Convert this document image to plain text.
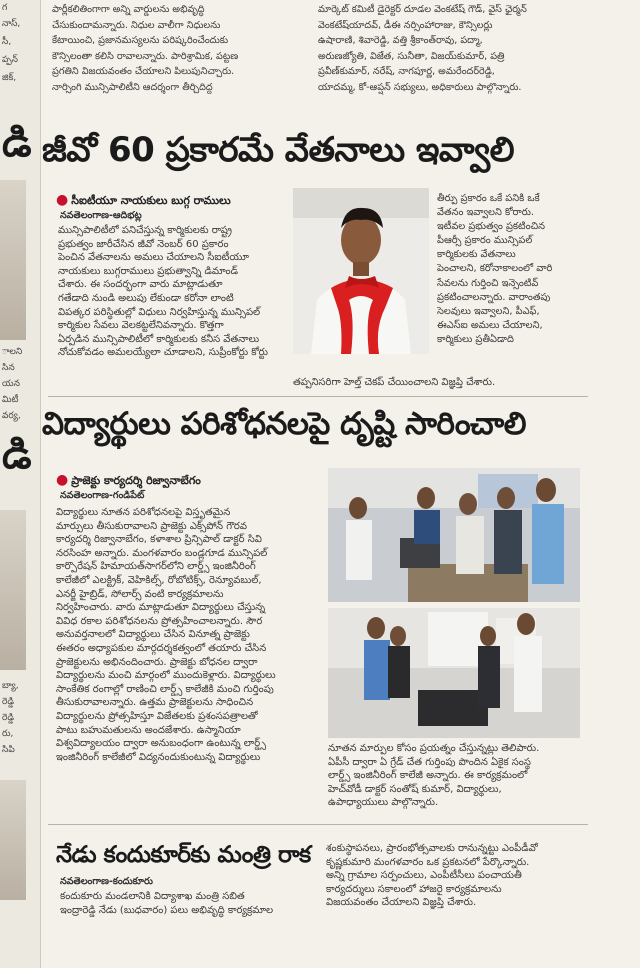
గ
నాస్,
సీ,
ప్పన్
జిక్,
డి
ాలని
సిన
యన
మిటీ
వర్య,
డి
బ్యా,
రెడ్డి
రెడ్డి
రు,
సిపి

పార్లీకలితింగాగా అన్ని వార్డులను అభివృద్ధి

చేసుకుందామన్నారు. నిధుల వాలీగా నిధులను

కేటాయించి, ప్రజానమస్యలను పరిష్కరించేందుకు

కౌన్సిలంతా కలిసి రావాలన్నారు. పారిశ్రామిక, పట్టణ

ప్రగతిని విజయవంతం చేయాలని పిలుపునిచ్చారు.

నార్సింగి మున్సిపాలిటీని ఆదర్శంగా తీర్చిదిద్ద

మార్కెట్ కమిటీ డైరెక్టర్ దూడల వెంకటేష్ గౌడ్, వైస్ ఛైర్మన్

వెంకటేష్‌యాదవ్, డీఈ నర్సింహారాజు, కౌన్సిలర్లు

ఉషారాణి, శివారెడ్డి, వత్తి శ్రీకాంత్‌రావు, పద్మా,

అరుణజ్యోతి, విజేత, సునీతా, విజయ్‌కుమార్, పత్రి

ప్రవీణ్‌కుమార్, నరేష్, నాగపూర్ణ, అమరేందర్‌రెడ్డి,

యాదమ్మ, కో-ఆప్షన్ సభ్యులు, అధికారులు పాల్గొన్నారు.

జీవో 60 ప్రకారమే వేతనాలు ఇవ్వాలి
● సీఐటీయూ నాయకులు బుగ్గ రాములు
నవతెలంగాణ-ఆదిభట్ల

మున్సిపాలిటీలో పనిచేస్తున్న కార్మికులకు రాష్ట్ర

ప్రభుత్వం జారీచేసిన జీవో నెంబర్ 60 ప్రకారం

పెంచిన వేతనాలను అమలు చేయాలని సీఐటీయూ

నాయకులు బుగ్గరాములు ప్రభుత్వాన్ని డిమాండ్

చేశారు. ఈ సందర్భంగా వారు మాట్లాడుతూ

గతేడాది నుండి అలుపు లేకుండా కరోనా లాంటి

విపత్కర పరిస్థితుల్లో విధులు నిర్వహిస్తున్న మున్సిపల్

కార్మికుల సేవలు వెలకట్టలేనివన్నారు. కొత్తగా

ఏర్పడిన మున్సిపాలిటీలో కార్మికులకు కనీస వేతనాలు

నోచుకోవడం అమలయ్యేలా చూడాలని, సుప్రీంకోర్టు కోర్టు

తీర్పు ప్రకారం ఒకే పనికి ఒకే

వేతనం ఇవ్వాలని కోరారు.

ఇటీవల ప్రభుత్వం ప్రకటించిన

పీఆర్సీ ప్రకారం మున్సిపల్

కార్మికులకు వేతనాలు

పెంచాలని, కరోనాకాలంలో వారి

సేవలను గుర్తించి ఇన్సెంటివ్

ప్రకటించాలన్నారు. వారాంతపు

సెలవులు ఇవ్వాలని, పీఎఫ్,

ఈఎస్ఐ అమలు చేయాలని,

కార్మికులు ప్రతీఏడాది

తప్పనిసరిగా హెల్త్ చెకప్ చేయించాలని విజ్ఞప్తి చేశారు.
విద్యార్థులు పరిశోధనలపై దృష్టి సారించాలి
● ప్రాజెక్టు కార్యదర్శి రిజ్వానాబేగం
నవతెలంగాణ-గండిపేట్

విద్యార్థులు నూతన పరిశోధనలపై విస్తృతమైన

మార్పులు తీసుకురావాలని ప్రాజెక్టు ఎక్స్‌పోన్ గౌరవ

కార్యదర్శి రిజ్వానాబేగం, కళాశాల ప్రిన్సిపాల్ డాక్టర్ సివి

నరసింహ అన్నారు. మంగళవారం బండ్లగూడ మున్సిపల్

కార్పొరేషన్ హిమాయత్‌సాగర్‌లోని లార్డ్స్ ఇంజినీరింగ్

కాలేజీలో ఎలక్ట్రిక్, వెహికిల్స్, రోబోటిక్స్, రెన్యూవబుల్,

ఎనర్జీ హైబ్రిడ్, సోలార్స్ వంటి కార్యక్రమాలను

నిర్వహించారు. వారు మాట్లాడుతూ విద్యార్థులు చేస్తున్న

వివిధ రకాల పరిశోధనలను ప్రోత్సహించాలన్నారు. సౌర

అనువర్తనాలలో విద్యార్థులు చేసిన వినూత్న ప్రాజెక్టు

ఈతరం అధ్యాపకుల మార్గదర్శకత్వంలో తయారు చేసిన

ప్రాజెక్టులను అభినందించారు. ప్రాజెక్టు బోధనల ద్వారా

విద్యార్థులను మంచి మార్గంలో ముందుకెళ్లారు. విద్యార్థులు

సాంకేతిక రంగాల్లో రాణించి లార్డ్స్ కాలేజీకి మంచి గుర్తింపు

తీసుకురావాలన్నారు. ఉత్తమ ప్రాజెక్టులను సాధించిన

విద్యార్థులను ప్రోత్సహిస్తూ విజేతలకు ప్రశంసపత్రాలతో

పాటు బహుమతులను అందజేశారు. ఉస్మానియా

విశ్వవిద్యాలయం ద్వారా అనుబంధంగా ఉంటున్న లార్డ్స్

ఇంజినీరింగ్ కాలేజీలో విద్యనందుకుంటున్న విద్యార్థులు

నూతన మార్పుల కోసం ప్రయత్నం చేస్తున్నట్లు తెలిపారు.

ఏపీసీ ద్వారా ఏ గ్రేడ్ చేత గుర్తింపు పొందిన ఏకైక సంస్థ

లార్డ్స్ ఇంజినీరింగ్ కాలేజీ అన్నారు. ఈ కార్యక్రమంలో

హెచ్‌వోడీ డాక్టర్ సంతోష్ కుమార్, విద్యార్థులు,

ఉపాధ్యాయులు పాల్గొన్నారు.

నేడు కందుకూర్‌కు మంత్రి రాక
నవతెలంగాణ-కందుకూరు

కందుకూరు మండలానికి విద్యాశాఖ మంత్రి సబిత

ఇంద్రారెడ్డి నేడు (బుధవారం) పలు అభివృద్ధి కార్యక్రమాల

శంకుస్థాపనలు, ప్రారంభోత్సవాలకు రానున్నట్టు ఎంపీడీవో

కృష్ణకుమారి మంగళవారం ఒక ప్రకటనలో పేర్కొన్నారు.

అన్ని గ్రామాల సర్పంచులు, ఎంపీటీసీలు పంచాయతీ

కార్యదర్శులు సకాలంలో హాజరై కార్యక్రమాలను

విజయవంతం చేయాలని విజ్ఞప్తి చేశారు.
